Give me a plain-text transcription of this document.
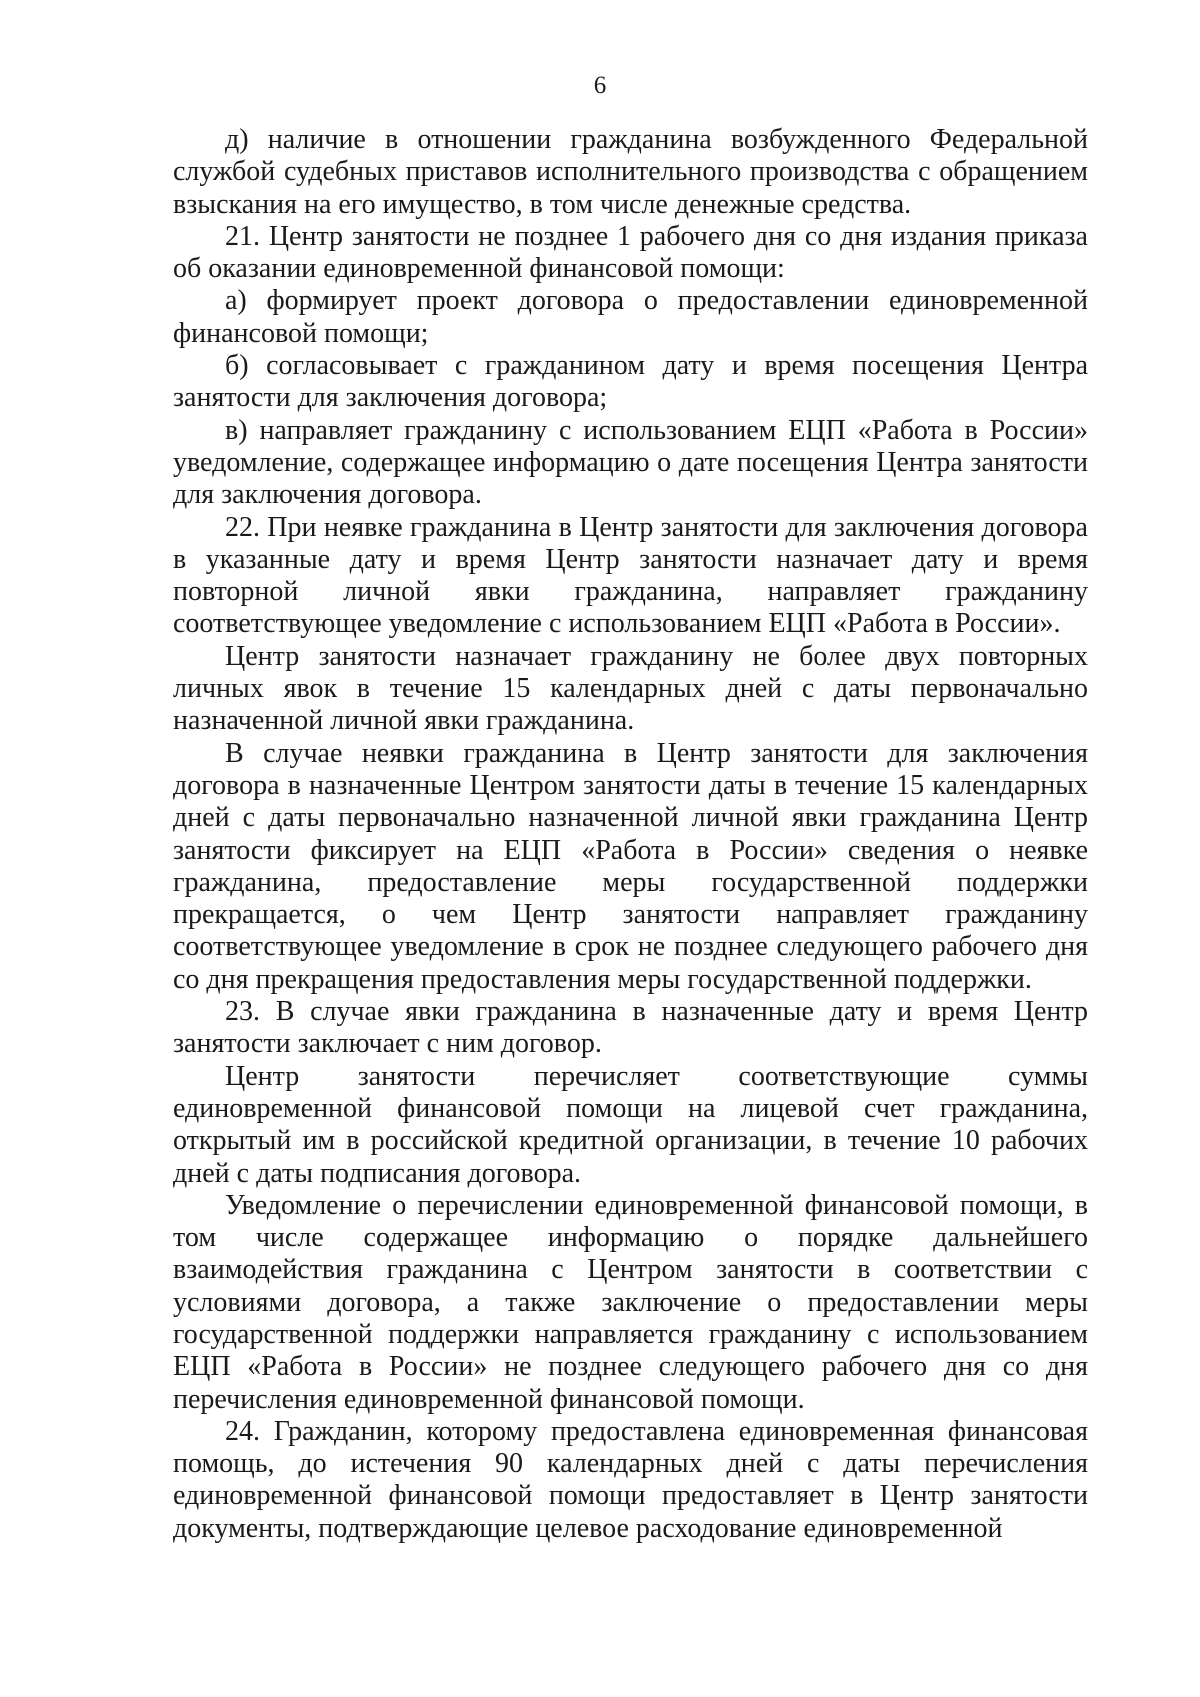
6

д) наличие в отношении гражданина возбужденного Федеральной службой судебных приставов исполнительного производства с обращением взыскания на его имущество, в том числе денежные средства.

21. Центр занятости не позднее 1 рабочего дня со дня издания приказа об оказании единовременной финансовой помощи:

а) формирует проект договора о предоставлении единовременной финансовой помощи;

б) согласовывает с гражданином дату и время посещения Центра занятости для заключения договора;

в) направляет гражданину с использованием ЕЦП «Работа в России» уведомление, содержащее информацию о дате посещения Центра занятости для заключения договора.

22. При неявке гражданина в Центр занятости для заключения договора в указанные дату и время Центр занятости назначает дату и время повторной личной явки гражданина, направляет гражданину соответствующее уведомление с использованием ЕЦП «Работа в России».

Центр занятости назначает гражданину не более двух повторных личных явок в течение 15 календарных дней с даты первоначально назначенной личной явки гражданина.

В случае неявки гражданина в Центр занятости для заключения договора в назначенные Центром занятости даты в течение 15 календарных дней с даты первоначально назначенной личной явки гражданина Центр занятости фиксирует на ЕЦП «Работа в России» сведения о неявке гражданина, предоставление меры государственной поддержки прекращается, о чем Центр занятости направляет гражданину соответствующее уведомление в срок не позднее следующего рабочего дня со дня прекращения предоставления меры государственной поддержки.

23. В случае явки гражданина в назначенные дату и время Центр занятости заключает с ним договор.

Центр занятости перечисляет соответствующие суммы единовременной финансовой помощи на лицевой счет гражданина, открытый им в российской кредитной организации, в течение 10 рабочих дней с даты подписания договора.

Уведомление о перечислении единовременной финансовой помощи, в том числе содержащее информацию о порядке дальнейшего взаимодействия гражданина с Центром занятости в соответствии с условиями договора, а также заключение о предоставлении меры государственной поддержки направляется гражданину с использованием ЕЦП «Работа в России» не позднее следующего рабочего дня со дня перечисления единовременной финансовой помощи.

24. Гражданин, которому предоставлена единовременная финансовая помощь, до истечения 90 календарных дней с даты перечисления единовременной финансовой помощи предоставляет в Центр занятости документы, подтверждающие целевое расходование единовременной
